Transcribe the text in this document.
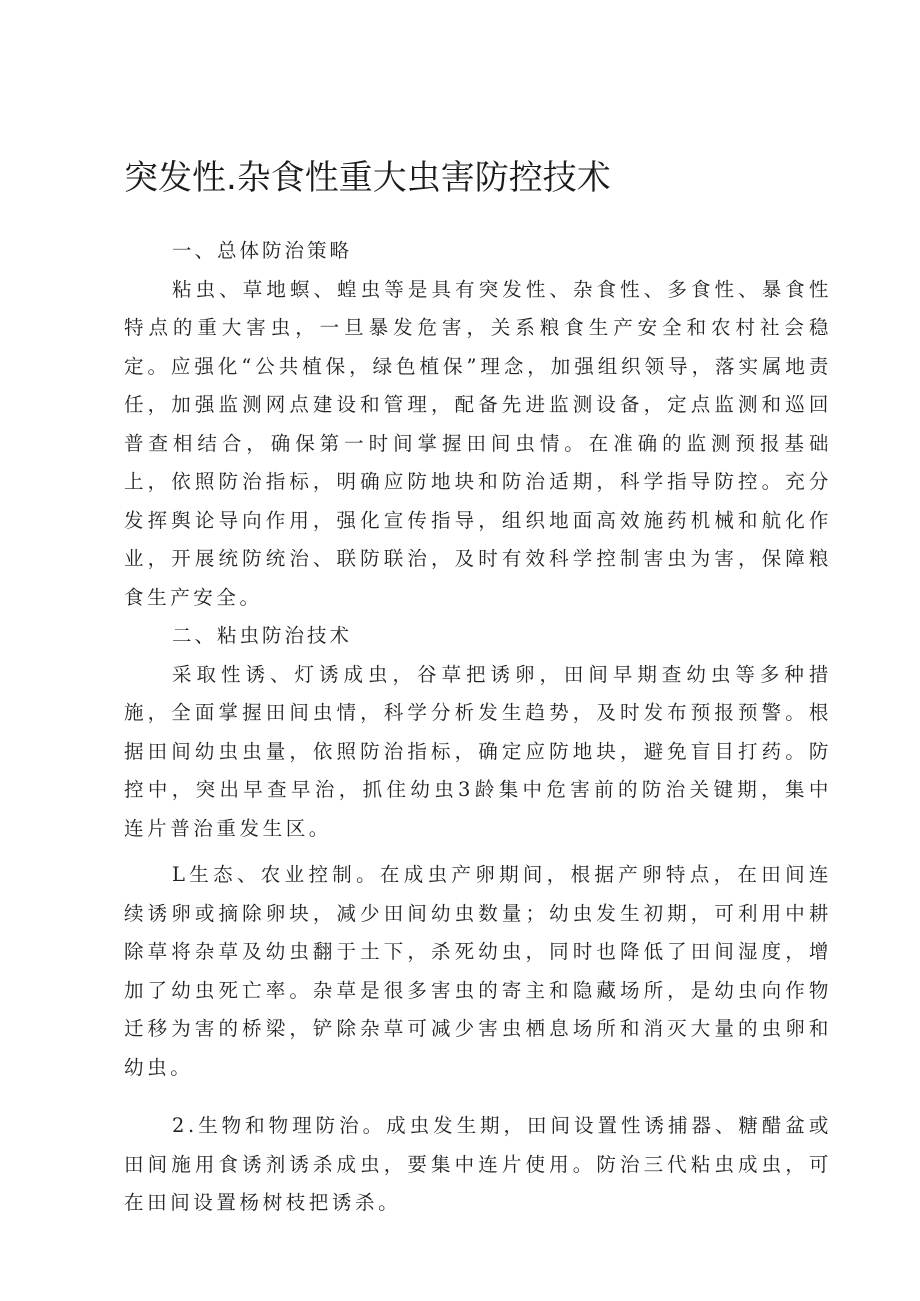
突发性.杂食性重大虫害防控技术

一、总体防治策略

粘虫、草地螟、蝗虫等是具有突发性、杂食性、多食性、暴食性特点的重大害虫，一旦暴发危害，关系粮食生产安全和农村社会稳定。应强化“公共植保，绿色植保”理念，加强组织领导，落实属地责任，加强监测网点建设和管理，配备先进监测设备，定点监测和巡回普查相结合，确保第一时间掌握田间虫情。在准确的监测预报基础上，依照防治指标，明确应防地块和防治适期，科学指导防控。充分发挥舆论导向作用，强化宣传指导，组织地面高效施药机械和航化作业，开展统防统治、联防联治，及时有效科学控制害虫为害，保障粮食生产安全。

二、粘虫防治技术

采取性诱、灯诱成虫，谷草把诱卵，田间早期查幼虫等多种措施，全面掌握田间虫情，科学分析发生趋势，及时发布预报预警。根据田间幼虫虫量，依照防治指标，确定应防地块，避免盲目打药。防控中，突出早查早治，抓住幼虫3龄集中危害前的防治关键期，集中连片普治重发生区。

L生态、农业控制。在成虫产卵期间，根据产卵特点，在田间连续诱卵或摘除卵块，减少田间幼虫数量；幼虫发生初期，可利用中耕除草将杂草及幼虫翻于土下，杀死幼虫，同时也降低了田间湿度，增加了幼虫死亡率。杂草是很多害虫的寄主和隐藏场所，是幼虫向作物迁移为害的桥梁，铲除杂草可减少害虫栖息场所和消灭大量的虫卵和幼虫。

2.生物和物理防治。成虫发生期，田间设置性诱捕器、糖醋盆或田间施用食诱剂诱杀成虫，要集中连片使用。防治三代粘虫成虫，可在田间设置杨树枝把诱杀。
